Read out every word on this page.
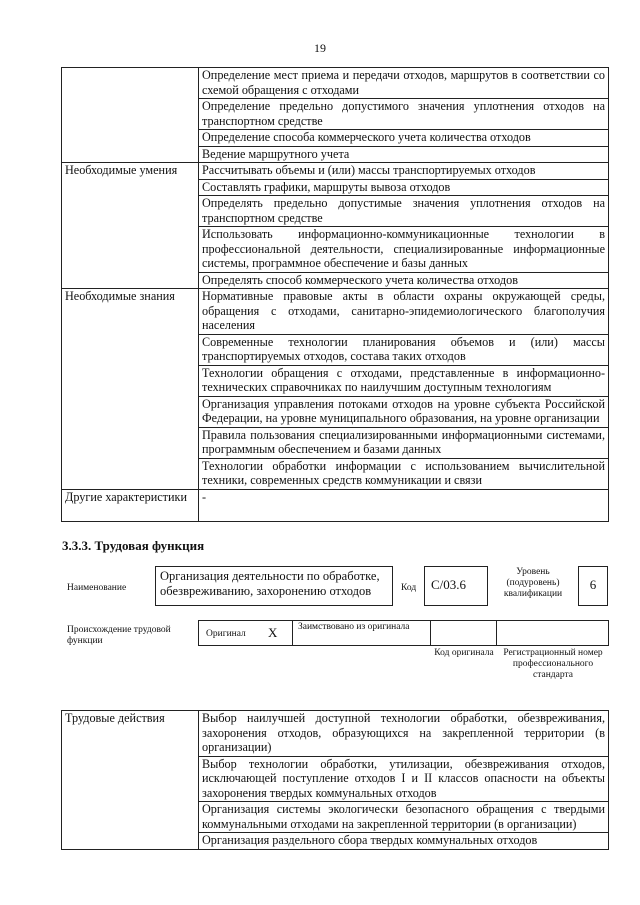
19
	Определение мест приема и передачи отходов, маршрутов в соответствии со схемой обращения с отходами
	Определение предельно допустимого значения уплотнения отходов на транспортном средстве
	Определение способа коммерческого учета количества отходов
	Ведение маршрутного учета
Необходимые умения	Рассчитывать объемы и (или) массы транспортируемых отходов
	Составлять графики, маршруты вывоза отходов
	Определять предельно допустимые значения уплотнения отходов на транспортном средстве
	Использовать информационно-коммуникационные технологии в профессиональной деятельности, специализированные информационные системы, программное обеспечение и базы данных
	Определять способ коммерческого учета количества отходов
Необходимые знания	Нормативные правовые акты в области охраны окружающей среды, обращения с отходами, санитарно-эпидемиологического благополучия населения
	Современные технологии планирования объемов и (или) массы транспортируемых отходов, состава таких отходов
	Технологии обращения с отходами, представленные в информационно-технических справочниках по наилучшим доступным технологиям
	Организация управления потоками отходов на уровне субъекта Российской Федерации, на уровне муниципального образования, на уровне организации
	Правила пользования специализированными информационными системами, программным обеспечением и базами данных
	Технологии обработки информации с использованием вычислительной техники, современных средств коммуникации и связи
Другие характеристики	-
3.3.3. Трудовая функция
Наименование
Организация деятельности по обработке, обезвреживанию, захоронению отходов	Код	C/03.6
Уровень (подуровень) квалификации
6
Происхождение трудовой функции
Оригинал X Заимствовано из оригинала
Код оригинала	Регистрационный номер профессионального стандарта
Трудовые действия	Выбор наилучшей доступной технологии обработки, обезвреживания, захоронения отходов, образующихся на закрепленной территории (в организации)
Выбор технологии обработки, утилизации, обезвреживания отходов, исключающей поступление отходов I и II классов опасности на объекты захоронения твердых коммунальных отходов
Организация системы экологически безопасного обращения с твердыми коммунальными отходами на закрепленной территории (в организации)
Организация раздельного сбора твердых коммунальных отходов
